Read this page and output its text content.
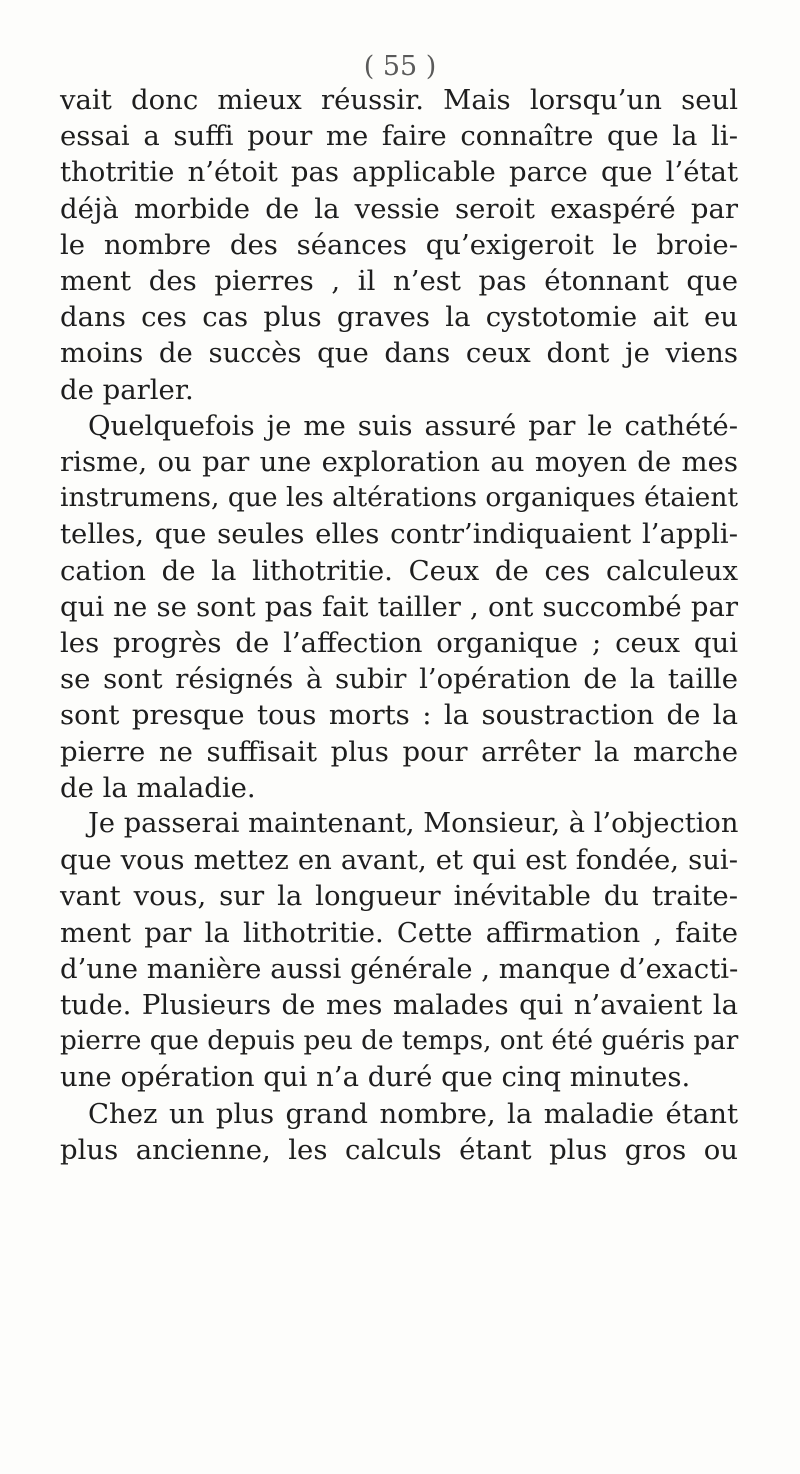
( 55 )
vait donc mieux réussir. Mais lorsqu’un seul
essai a suffi pour me faire connaître que la li-
thotritie n’étoit pas applicable parce que l’état
déjà morbide de la vessie seroit exaspéré par
le nombre des séances qu’exigeroit le broie-
ment des pierres , il n’est pas étonnant que
dans ces cas plus graves la cystotomie ait eu
moins de succès que dans ceux dont je viens
de parler.
Quelquefois je me suis assuré par le cathété-
risme, ou par une exploration au moyen de mes
instrumens, que les altérations organiques étaient
telles, que seules elles contr’indiquaient l’appli-
cation de la lithotritie. Ceux de ces calculeux
qui ne se sont pas fait tailler , ont succombé par
les progrès de l’affection organique ; ceux qui
se sont résignés à subir l’opération de la taille
sont presque tous morts : la soustraction de la
pierre ne suffisait plus pour arrêter la marche
de la maladie.
Je passerai maintenant, Monsieur, à l’objection
que vous mettez en avant, et qui est fondée, sui-
vant vous, sur la longueur inévitable du traite-
ment par la lithotritie. Cette affirmation , faite
d’une manière aussi générale , manque d’exacti-
tude. Plusieurs de mes malades qui n’avaient la
pierre que depuis peu de temps, ont été guéris par
une opération qui n’a duré que cinq minutes.
Chez un plus grand nombre, la maladie étant
plus ancienne, les calculs étant plus gros ou
